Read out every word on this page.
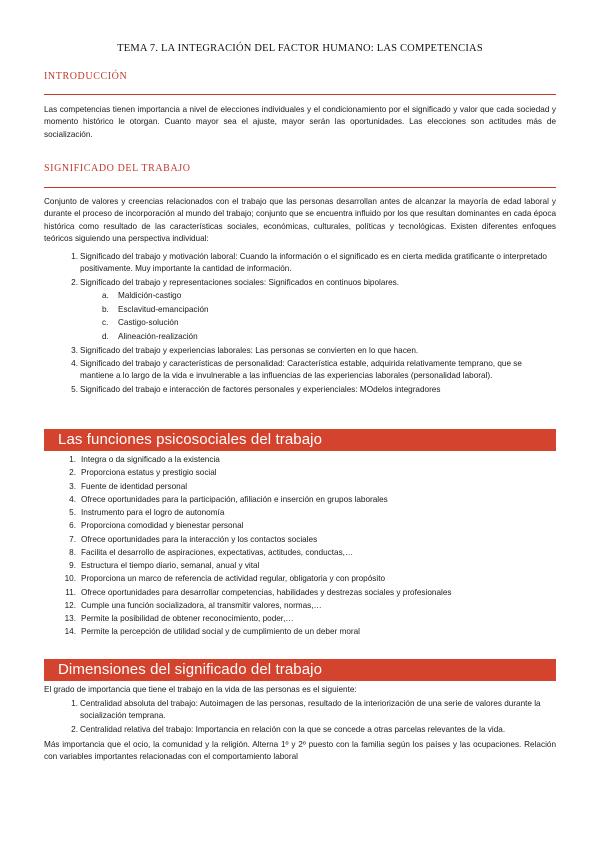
TEMA 7. LA INTEGRACIÓN DEL FACTOR HUMANO: LAS COMPETENCIAS
INTRODUCCIÓN
Las competencias tienen importancia a nivel de elecciones individuales y el condicionamiento por el significado y valor que cada sociedad y momento histórico le otorgan. Cuanto mayor sea el ajuste, mayor serán las oportunidades. Las elecciones son actitudes más de socialización.
SIGNIFICADO DEL TRABAJO
Conjunto de valores y creencias relacionados con el trabajo que las personas desarrollan antes de alcanzar la mayoría de edad laboral y durante el proceso de incorporación al mundo del trabajo; conjunto que se encuentra influido por los que resultan dominantes en cada época histórica como resultado de las características sociales, económicas, culturales, políticas y tecnológicas. Existen diferentes enfoques teóricos siguiendo una perspectiva individual:
1. Significado del trabajo y motivación laboral: Cuando la información o el significado es en cierta medida gratificante o interpretado positivamente. Muy importante la cantidad de información.
2. Significado del trabajo y representaciones sociales: Significados en continuos bipolares.
a. Maldición-castigo
b. Esclavitud-emancipación
c. Castigo-solución
d. Alineación-realización
3. Significado del trabajo y experiencias laborales: Las personas se convierten en lo que hacen.
4. Significado del trabajo y características de personalidad: Característica estable, adquirida relativamente temprano, que se mantiene a lo largo de la vida e invulnerable a las influencias de las experiencias laborales (personalidad laboral).
5. Significado del trabajo e interacción de factores personales y experienciales: MOdelos integradores
Las funciones psicosociales del trabajo
1. Integra o da significado a la existencia
2. Proporciona estatus y prestigio social
3. Fuente de identidad personal
4. Ofrece oportunidades para la participación, afiliación e inserción en grupos laborales
5. Instrumento para el logro de autonomía
6. Proporciona comodidad y bienestar personal
7. Ofrece oportunidades para la interacción y los contactos sociales
8. Facilita el desarrollo de aspiraciones, expectativas, actitudes, conductas,…
9. Estructura el tiempo diario, semanal, anual y vital
10. Proporciona un marco de referencia de actividad regular, obligatoria y con propósito
11. Ofrece oportunidades para desarrollar competencias, habilidades y destrezas sociales y profesionales
12. Cumple una función socializadora, al transmitir valores, normas,…
13. Permite la posibilidad de obtener reconocimiento, poder,…
14. Permite la percepción de utilidad social y de cumplimiento de un deber moral
Dimensiones del significado del trabajo
El grado de importancia que tiene el trabajo en la vida de las personas es el siguiente:
1. Centralidad absoluta del trabajo: Autoimagen de las personas, resultado de la interiorización de una serie de valores durante la socialización temprana.
2. Centralidad relativa del trabajo: Importancia en relación con la que se concede a otras parcelas relevantes de la vida.
Más importancia que el ocio, la comunidad y la religión. Alterna 1º y 2º puesto con la familia según los países y las ocupaciones. Relación con variables importantes relacionadas con el comportamiento laboral
